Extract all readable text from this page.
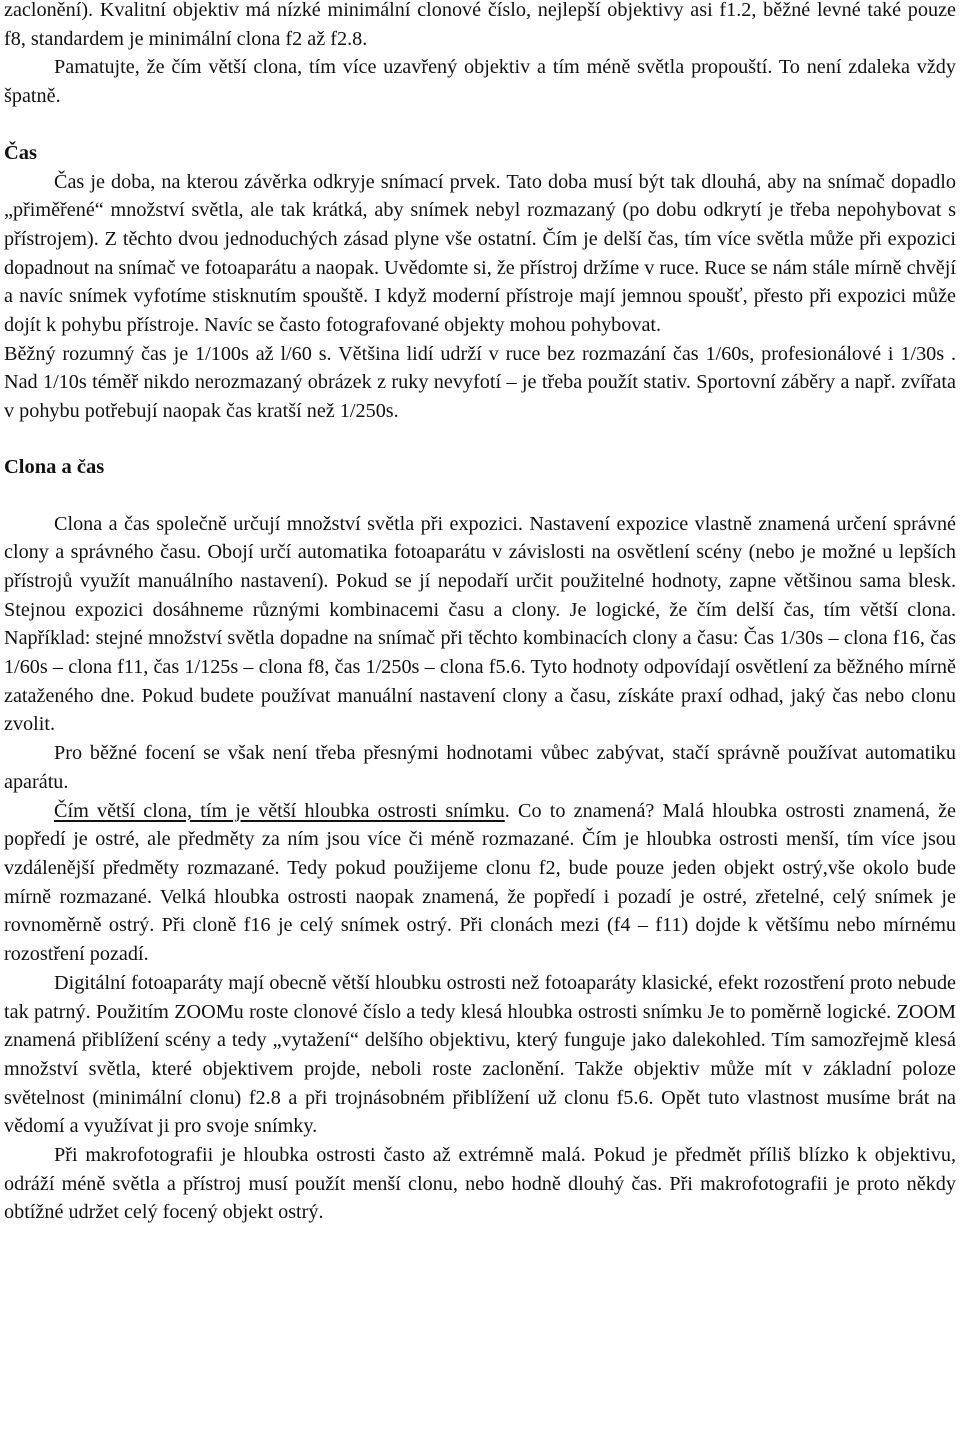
zaclonění). Kvalitní objektiv má nízké minimální clonové číslo, nejlepší objektivy asi f1.2, běžné levné také pouze f8, standardem je minimální clona f2 až f2.8.

Pamatujte, že čím větší clona, tím více uzavřený objektiv a tím méně světla propouští. To není zdaleka vždy špatně.

Čas

Čas je doba, na kterou závěrka odkryje snímací prvek. Tato doba musí být tak dlouhá, aby na snímač dopadlo „přiměřené“ množství světla, ale tak krátká, aby snímek nebyl rozmazaný (po dobu odkrytí je třeba nepohybovat s přístrojem). Z těchto dvou jednoduchých zásad plyne vše ostatní. Čím je delší čas, tím více světla může při expozici dopadnout na snímač ve fotoaparátu a naopak. Uvědomte si, že přístroj držíme v ruce. Ruce se nám stále mírně chvějí a navíc snímek vyfotíme stisknutím spouště. I když moderní přístroje mají jemnou spoušť, přesto při expozici může dojít k pohybu přístroje. Navíc se často fotografované objekty mohou pohybovat.

Běžný rozumný čas je 1/100s až l/60 s. Většina lidí udrží v ruce bez rozmazání čas 1/60s, profesionálové i 1/30s . Nad 1/10s téměř nikdo nerozmazaný obrázek z ruky nevyfotí – je třeba použít stativ. Sportovní záběry a např. zvířata v pohybu potřebují naopak čas kratší než 1/250s.

Clona a čas

Clona a čas společně určují množství světla při expozici. Nastavení expozice vlastně znamená určení správné clony a správného času. Obojí určí automatika fotoaparátu v závislosti na osvětlení scény (nebo je možné u lepších přístrojů využít manuálního nastavení). Pokud se jí nepodaří určit použitelné hodnoty, zapne většinou sama blesk. Stejnou expozici dosáhneme různými kombinacemi času a clony. Je logické, že čím delší čas, tím větší clona. Například: stejné množství světla dopadne na snímač při těchto kombinacích clony a času: Čas 1/30s – clona f16, čas 1/60s – clona f11, čas 1/125s – clona f8, čas 1/250s – clona f5.6. Tyto hodnoty odpovídají osvětlení za běžného mírně zataženého dne. Pokud budete používat manuální nastavení clony a času, získáte praxí odhad, jaký čas nebo clonu zvolit.

Pro běžné focení se však není třeba přesnými hodnotami vůbec zabývat, stačí správně používat automatiku aparátu.

Čím větší clona, tím je větší hloubka ostrosti snímku. Co to znamená? Malá hloubka ostrosti znamená, že popředí je ostré, ale předměty za ním jsou více či méně rozmazané. Čím je hloubka ostrosti menší, tím více jsou vzdálenější předměty rozmazané. Tedy pokud použijeme clonu f2, bude pouze jeden objekt ostrý,vše okolo bude mírně rozmazané. Velká hloubka ostrosti naopak znamená, že popředí i pozadí je ostré, zřetelné, celý snímek je rovnoměrně ostrý. Při cloně f16 je celý snímek ostrý. Při clonách mezi (f4 – f11) dojde k většímu nebo mírnému rozostření pozadí.

Digitální fotoaparáty mají obecně větší hloubku ostrosti než fotoaparáty klasické, efekt rozostření proto nebude tak patrný. Použitím ZOOMu roste clonové číslo a tedy klesá hloubka ostrosti snímku Je to poměrně logické. ZOOM znamená přiblížení scény a tedy „vytažení“ delšího objektivu, který funguje jako dalekohled. Tím samozřejmě klesá množství světla, které objektivem projde, neboli roste zaclonění. Takže objektiv může mít v základní poloze světelnost (minimální clonu) f2.8 a při trojnásobném přiblížení už clonu f5.6. Opět tuto vlastnost musíme brát na vědomí a využívat ji pro svoje snímky.

Při makrofotografii je hloubka ostrosti často až extrémně malá. Pokud je předmět příliš blízko k objektivu, odráží méně světla a přístroj musí použít menší clonu, nebo hodně dlouhý čas. Při makrofotografii je proto někdy obtížné udržet celý focený objekt ostrý.
